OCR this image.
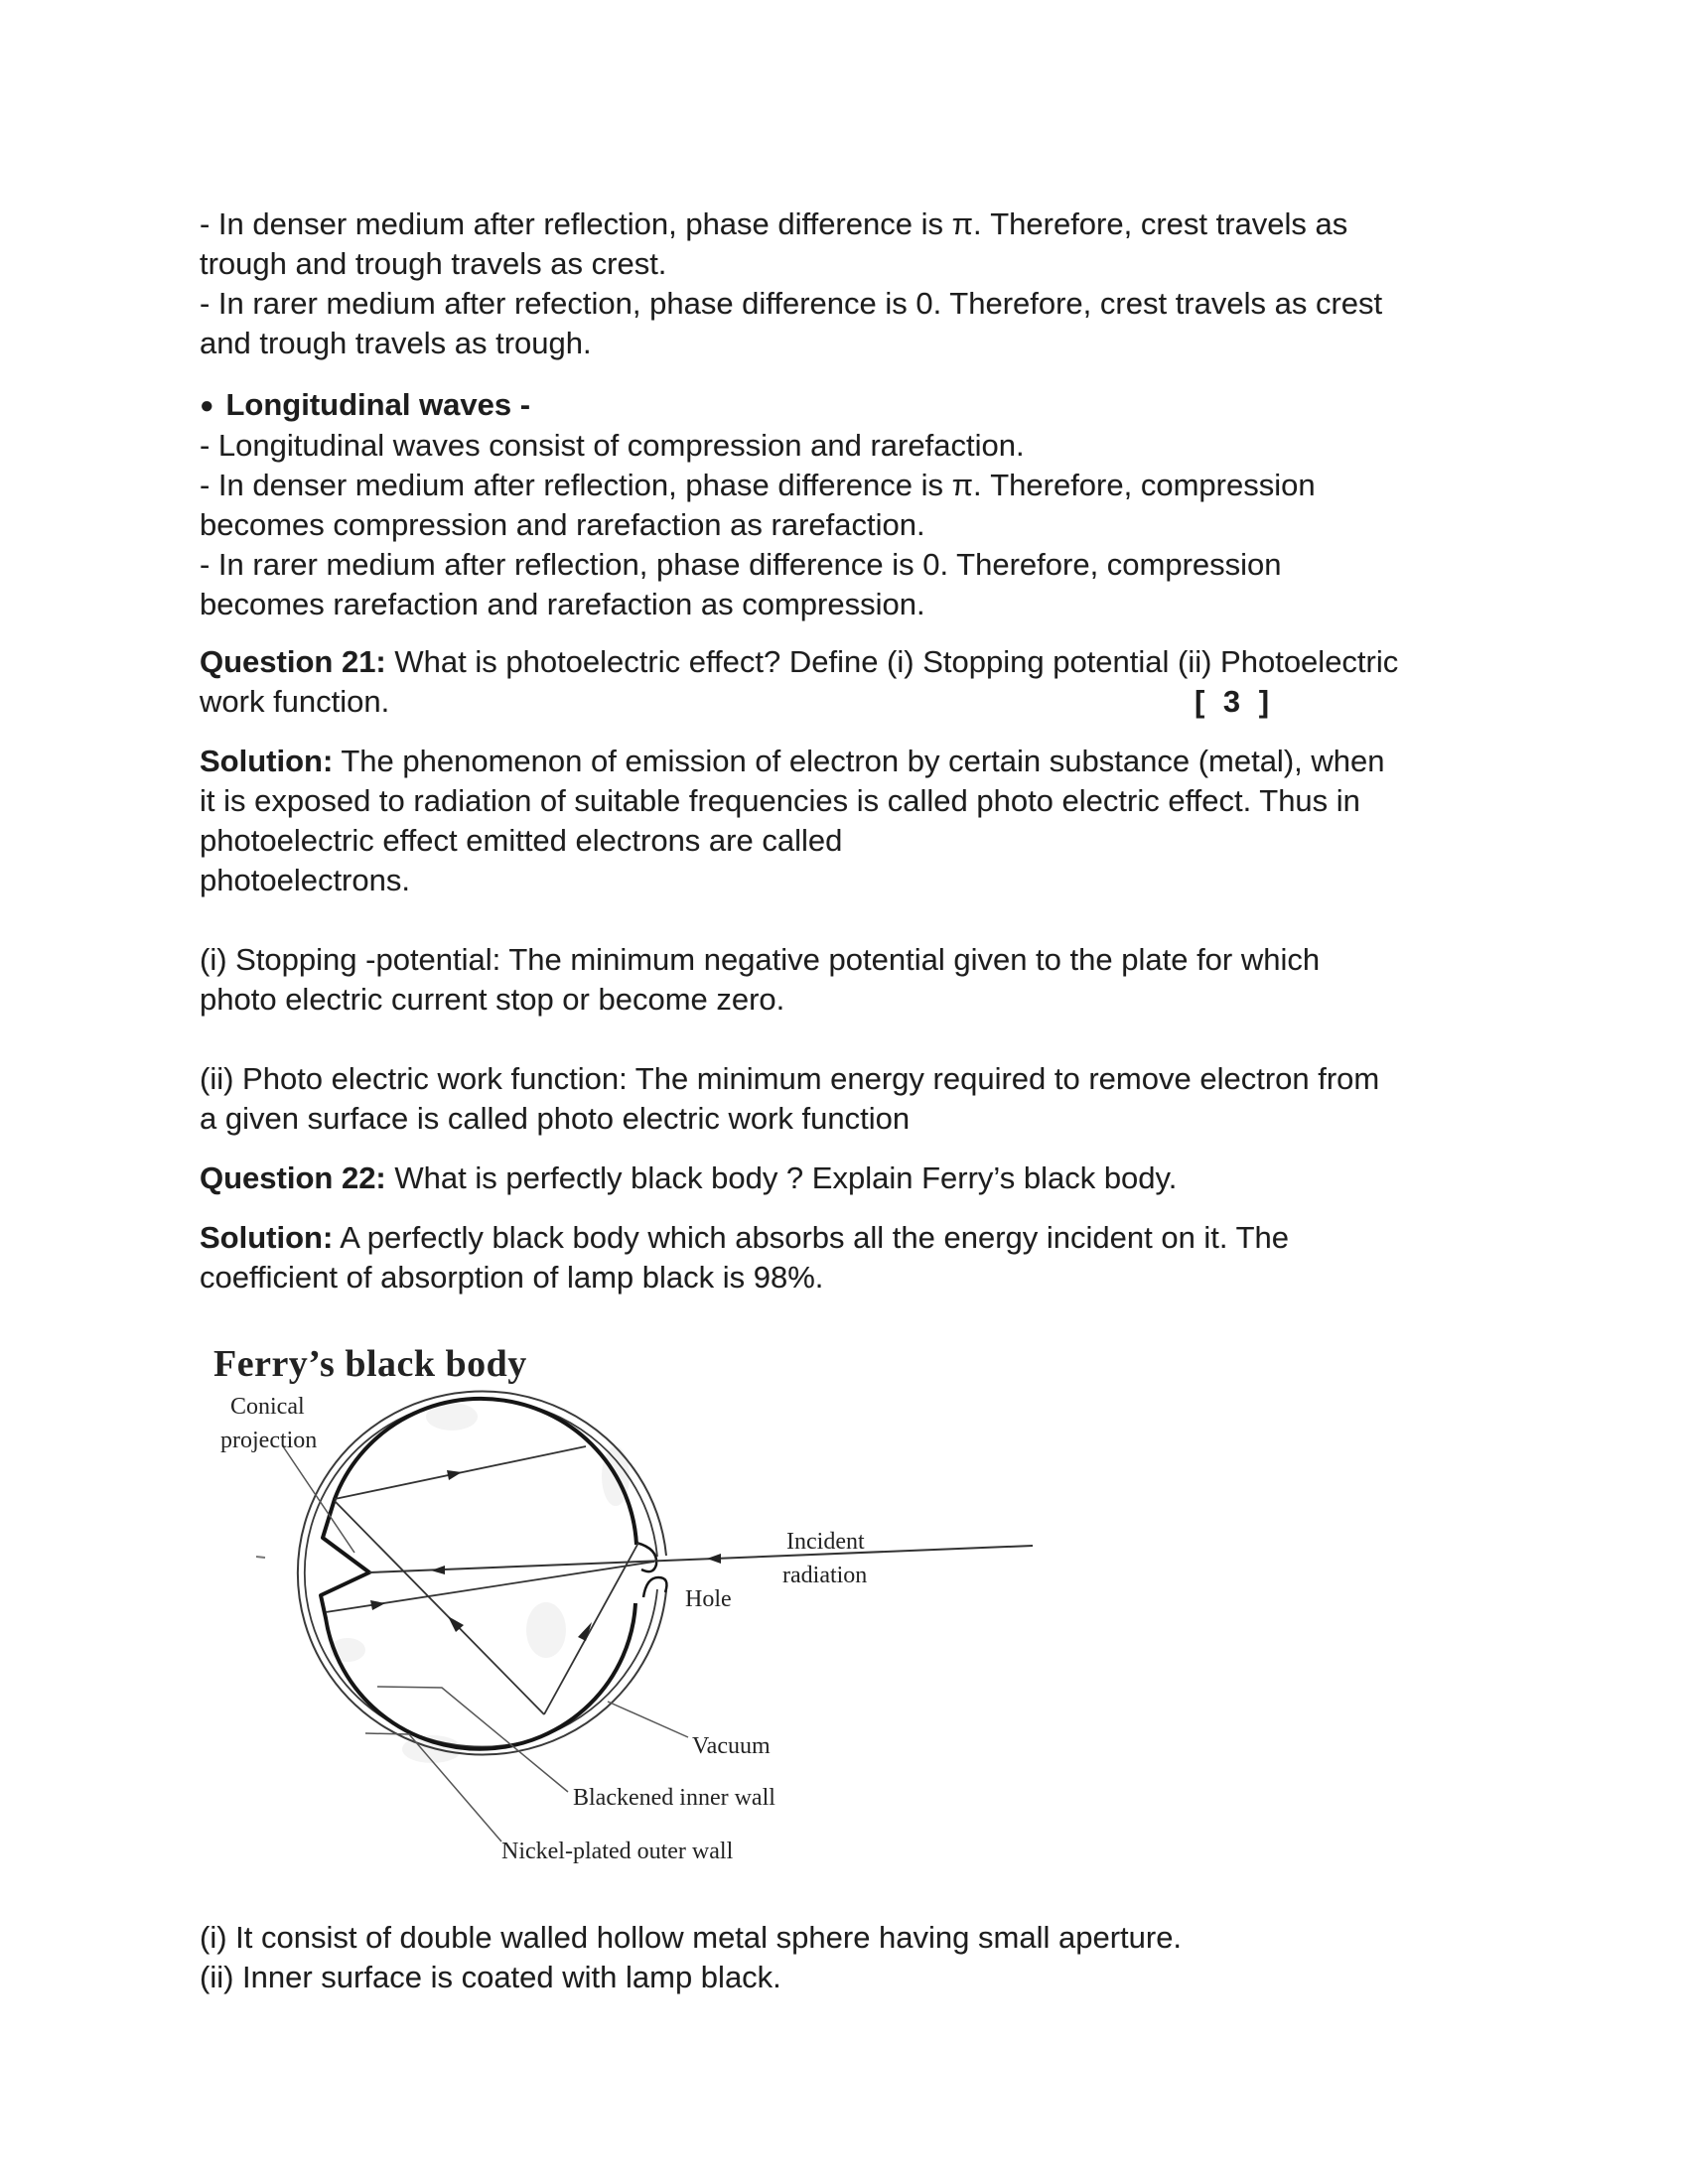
- In denser medium after reflection, phase difference is π. Therefore, crest travels as
trough and trough travels as crest.
- In rarer medium after refection, phase difference is 0. Therefore, crest travels as crest
and trough travels as trough.
● Longitudinal waves -
- Longitudinal waves consist of compression and rarefaction.
- In denser medium after reflection, phase difference is π. Therefore, compression
becomes compression and rarefaction as rarefaction.
- In rarer medium after reflection, phase difference is 0. Therefore, compression
becomes rarefaction and rarefaction as compression.
Question 21: What is photoelectric effect? Define (i) Stopping potential (ii) Photoelectric
work function.	[ 3 ]
Solution: The phenomenon of emission of electron by certain substance (metal), when
it is exposed to radiation of suitable frequencies is called photo electric effect. Thus in
photoelectric effect emitted electrons are called
photoelectrons.
(i) Stopping -potential: The minimum negative potential given to the plate for which
photo electric current stop or become zero.
(ii) Photo electric work function: The minimum energy required to remove electron from
a given surface is called photo electric work function
Question 22: What is perfectly black body ? Explain Ferry’s black body.
Solution: A perfectly black body which absorbs all the energy incident on it. The
coefficient of absorption of lamp black is 98%.
Ferry’s black body
Conical
projection
Incident
radiation
Hole
Vacuum
Blackened inner wall
Nickel-plated outer wall
(i) It consist of double walled hollow metal sphere having small aperture.
(ii) Inner surface is coated with lamp black.
